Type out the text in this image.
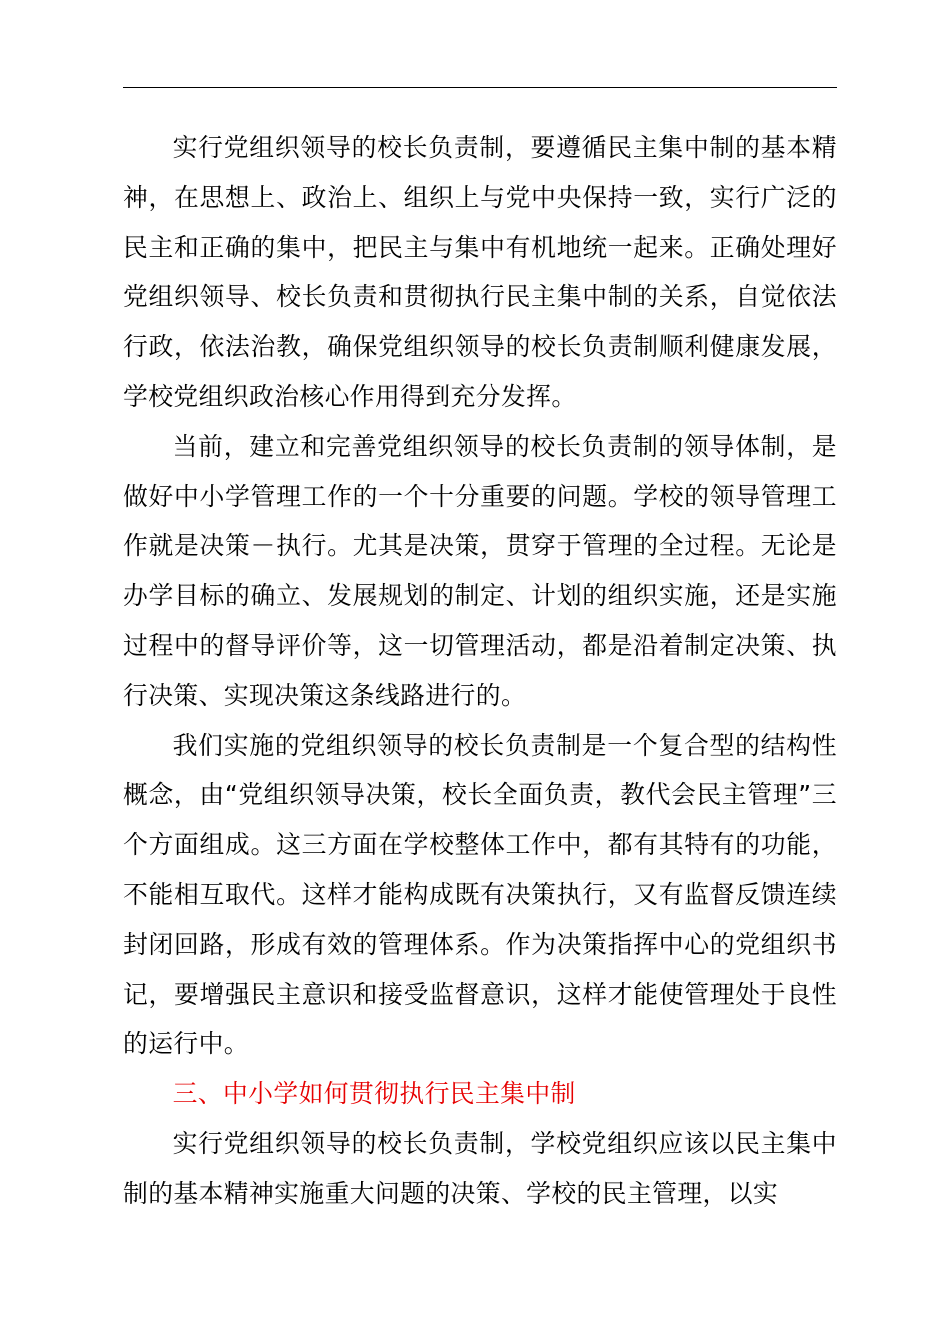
实行党组织领导的校长负责制，要遵循民主集中制的基本精神，在思想上、政治上、组织上与党中央保持一致，实行广泛的民主和正确的集中，把民主与集中有机地统一起来。正确处理好党组织领导、校长负责和贯彻执行民主集中制的关系，自觉依法行政，依法治教，确保党组织领导的校长负责制顺利健康发展，学校党组织政治核心作用得到充分发挥。

当前，建立和完善党组织领导的校长负责制的领导体制，是做好中小学管理工作的一个十分重要的问题。学校的领导管理工作就是决策－执行。尤其是决策，贯穿于管理的全过程。无论是办学目标的确立、发展规划的制定、计划的组织实施，还是实施过程中的督导评价等，这一切管理活动，都是沿着制定决策、执行决策、实现决策这条线路进行的。

我们实施的党组织领导的校长负责制是一个复合型的结构性概念，由“党组织领导决策，校长全面负责，教代会民主管理”三个方面组成。这三方面在学校整体工作中，都有其特有的功能，不能相互取代。这样才能构成既有决策执行，又有监督反馈连续封闭回路，形成有效的管理体系。作为决策指挥中心的党组织书记，要增强民主意识和接受监督意识，这样才能使管理处于良性的运行中。

三、中小学如何贯彻执行民主集中制

实行党组织领导的校长负责制，学校党组织应该以民主集中制的基本精神实施重大问题的决策、学校的民主管理，以实
